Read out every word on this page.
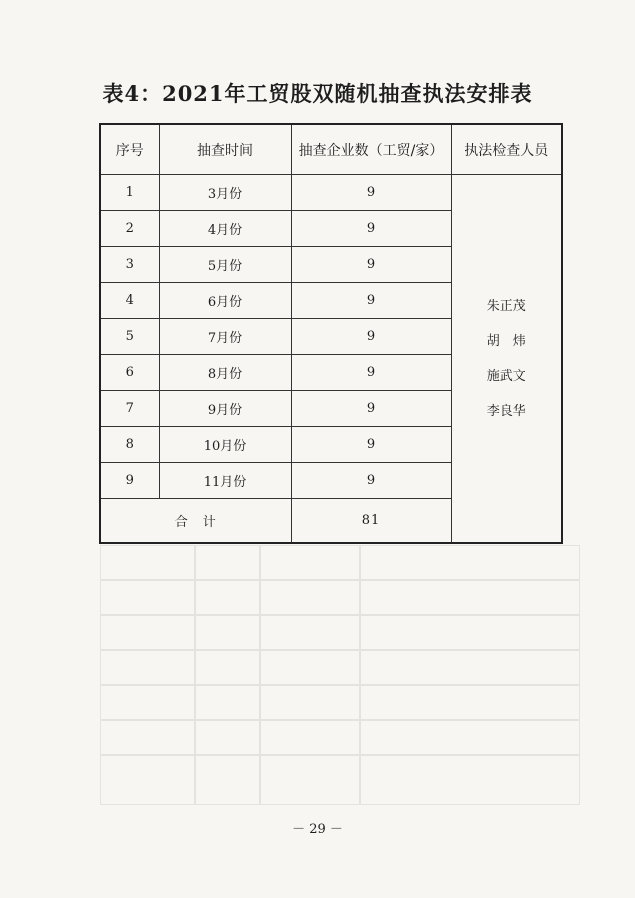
表4：2021年工贸股双随机抽查执法安排表
序号	抽查时间	抽查企业数（工贸/家）	执法检查人员
1	3月份	9	朱正茂
胡　炜
施武文
李良华

2	4月份	9	
3	5月份	9	
4	6月份	9	
5	7月份	9	
6	8月份	9	
7	9月份	9	
8	10月份	9	
9	11月份	9	
合　计		81	
－ 29 －
